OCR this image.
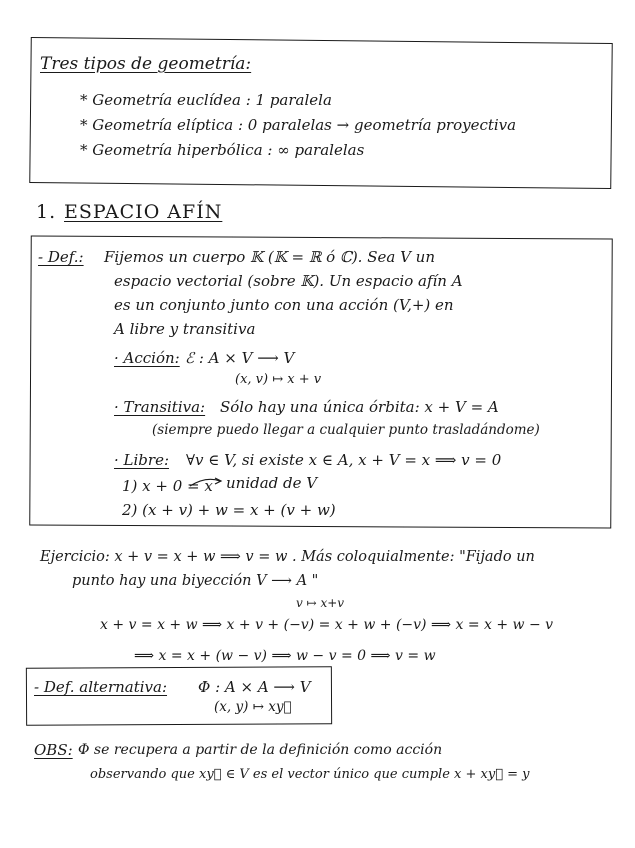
Tres tipos de geometría:
* Geometría euclídea : 1 paralela
* Geometría elíptica : 0 paralelas → geometría proyectiva
* Geometría hiperbólica : ∞ paralelas
1. ESPACIO AFÍN
- Def.: Fijemos un cuerpo 𝕂 (𝕂 = ℝ ó ℂ). Sea V un
espacio vectorial (sobre 𝕂). Un espacio afín A
es un conjunto junto con una acción (V,+) en
A libre y transitiva
· Acción: ℰ : A × V ⟶ V
(x, v) ↦ x + v
· Transitiva: Sólo hay una única órbita: x + V = A
(siempre puedo llegar a cualquier punto trasladándome)
· Libre: ∀v ∈ V, si existe x ∈ A, x + V = x ⟹ v = 0
1) x + 0 = x unidad de V
2) (x + v) + w = x + (v + w)
Ejercicio: x + v = x + w ⟹ v = w . Más coloquialmente: "Fijado un
punto hay una biyección V ⟶ A "
v ↦ x+v
x + v = x + w ⟹ x + v + (−v) = x + w + (−v) ⟹ x = x + w − v
⟹ x = x + (w − v) ⟹ w − v = 0 ⟹ v = w
- Def. alternativa: Φ : A × A ⟶ V
(x, y) ↦ xy⃗
OBS: Φ se recupera a partir de la definición como acción
observando que xy⃗ ∈ V es el vector único que cumple x + xy⃗ = y
